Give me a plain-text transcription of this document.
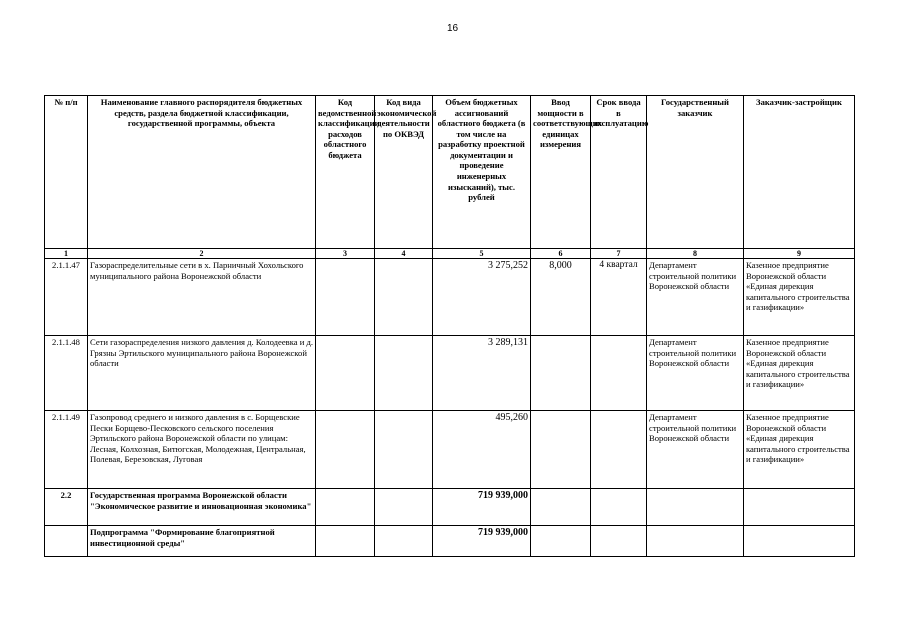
16
№ п/п	Наименование главного распорядителя бюджетных средств, раздела бюджетной классификации, государственной программы, объекта	Код ведомственной классификации расходов областного бюджета	Код вида экономической деятельности по ОКВЭД	Объем бюджетных ассигнований областного бюджета (в том числе на разработку проектной документации и проведение инженерных изысканий), тыс. рублей	Ввод мощности в соответствующих единицах измерения	Срок ввода в эксплуатацию	Государственный заказчик	Заказчик-застройщик
1	2	3	4	5	6	7	8	9
2.1.1.47	Газораспределительные сети в х. Парничный Хохольского муниципального района Воронежской области			3 275,252	8,000	4 квартал	Департамент строительной политики Воронежской области	Казенное предприятие Воронежской области «Единая дирекция капитального строительства и газификации»
2.1.1.48	Сети газораспределения низкого давления д. Колодеевка и д. Грязны Эртильского муниципального района Воронежской области			3 289,131			Департамент строительной политики Воронежской области	Казенное предприятие Воронежской области «Единая дирекция капитального строительства и газификации»
2.1.1.49	Газопровод среднего и низкого давления в с. Борщевские Пески Борщево-Песковского сельского поселения Эртильского района Воронежской области по улицам: Лесная, Колхозная, Битюгская, Молодежная, Центральная, Полевая, Березовская, Луговая			495,260			Департамент строительной политики Воронежской области	Казенное предприятие Воронежской области «Единая дирекция капитального строительства и газификации»
2.2	Государственная программа Воронежской области "Экономическое развитие и инновационная экономика"			719 939,000				
	Подпрограмма "Формирование благоприятной инвестиционной среды"			719 939,000				
